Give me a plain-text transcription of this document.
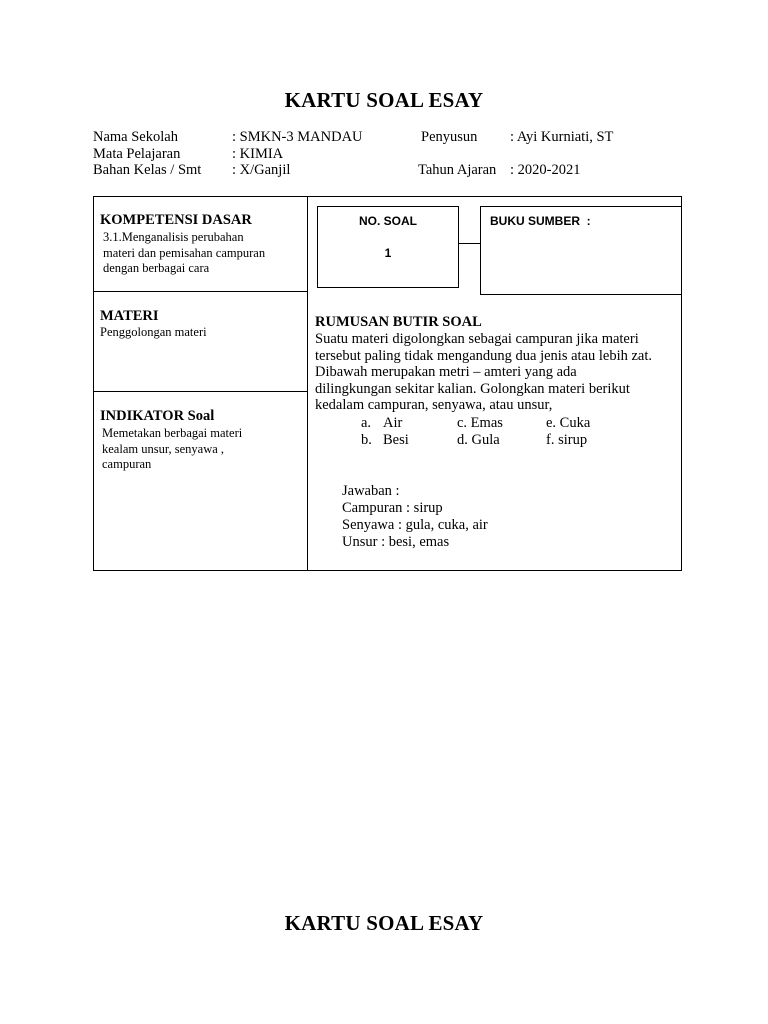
KARTU SOAL ESAY
Nama Sekolah	: SMKN-3 MANDAU	Penyusun : Ayi Kurniati, ST
Mata Pelajaran	: KIMIA
Bahan Kelas / Smt : X/Ganjil	Tahun Ajaran : 2020-2021
KOMPETENSI DASAR
3.1.Menganalisis perubahan
materi dan pemisahan campuran
dengan berbagai cara
MATERI
Penggolongan materi
INDIKATOR Soal
Memetakan berbagai materi
kealam unsur, senyawa ,
campuran
NO. SOAL
1
BUKU SUMBER  :
RUMUSAN BUTIR SOAL
Suatu materi digolongkan sebagai campuran jika materi
tersebut paling tidak mengandung dua jenis atau lebih zat.
Dibawah merupakan metri – amteri yang ada
dilingkungan sekitar kalian. Golongkan materi berikut
kedalam campuran, senyawa, atau unsur,
a. Air	c. Emas	e. Cuka
b. Besi	d. Gula	f. sirup
Jawaban :
Campuran : sirup
Senyawa : gula, cuka, air
Unsur : besi, emas
KARTU SOAL ESAY
